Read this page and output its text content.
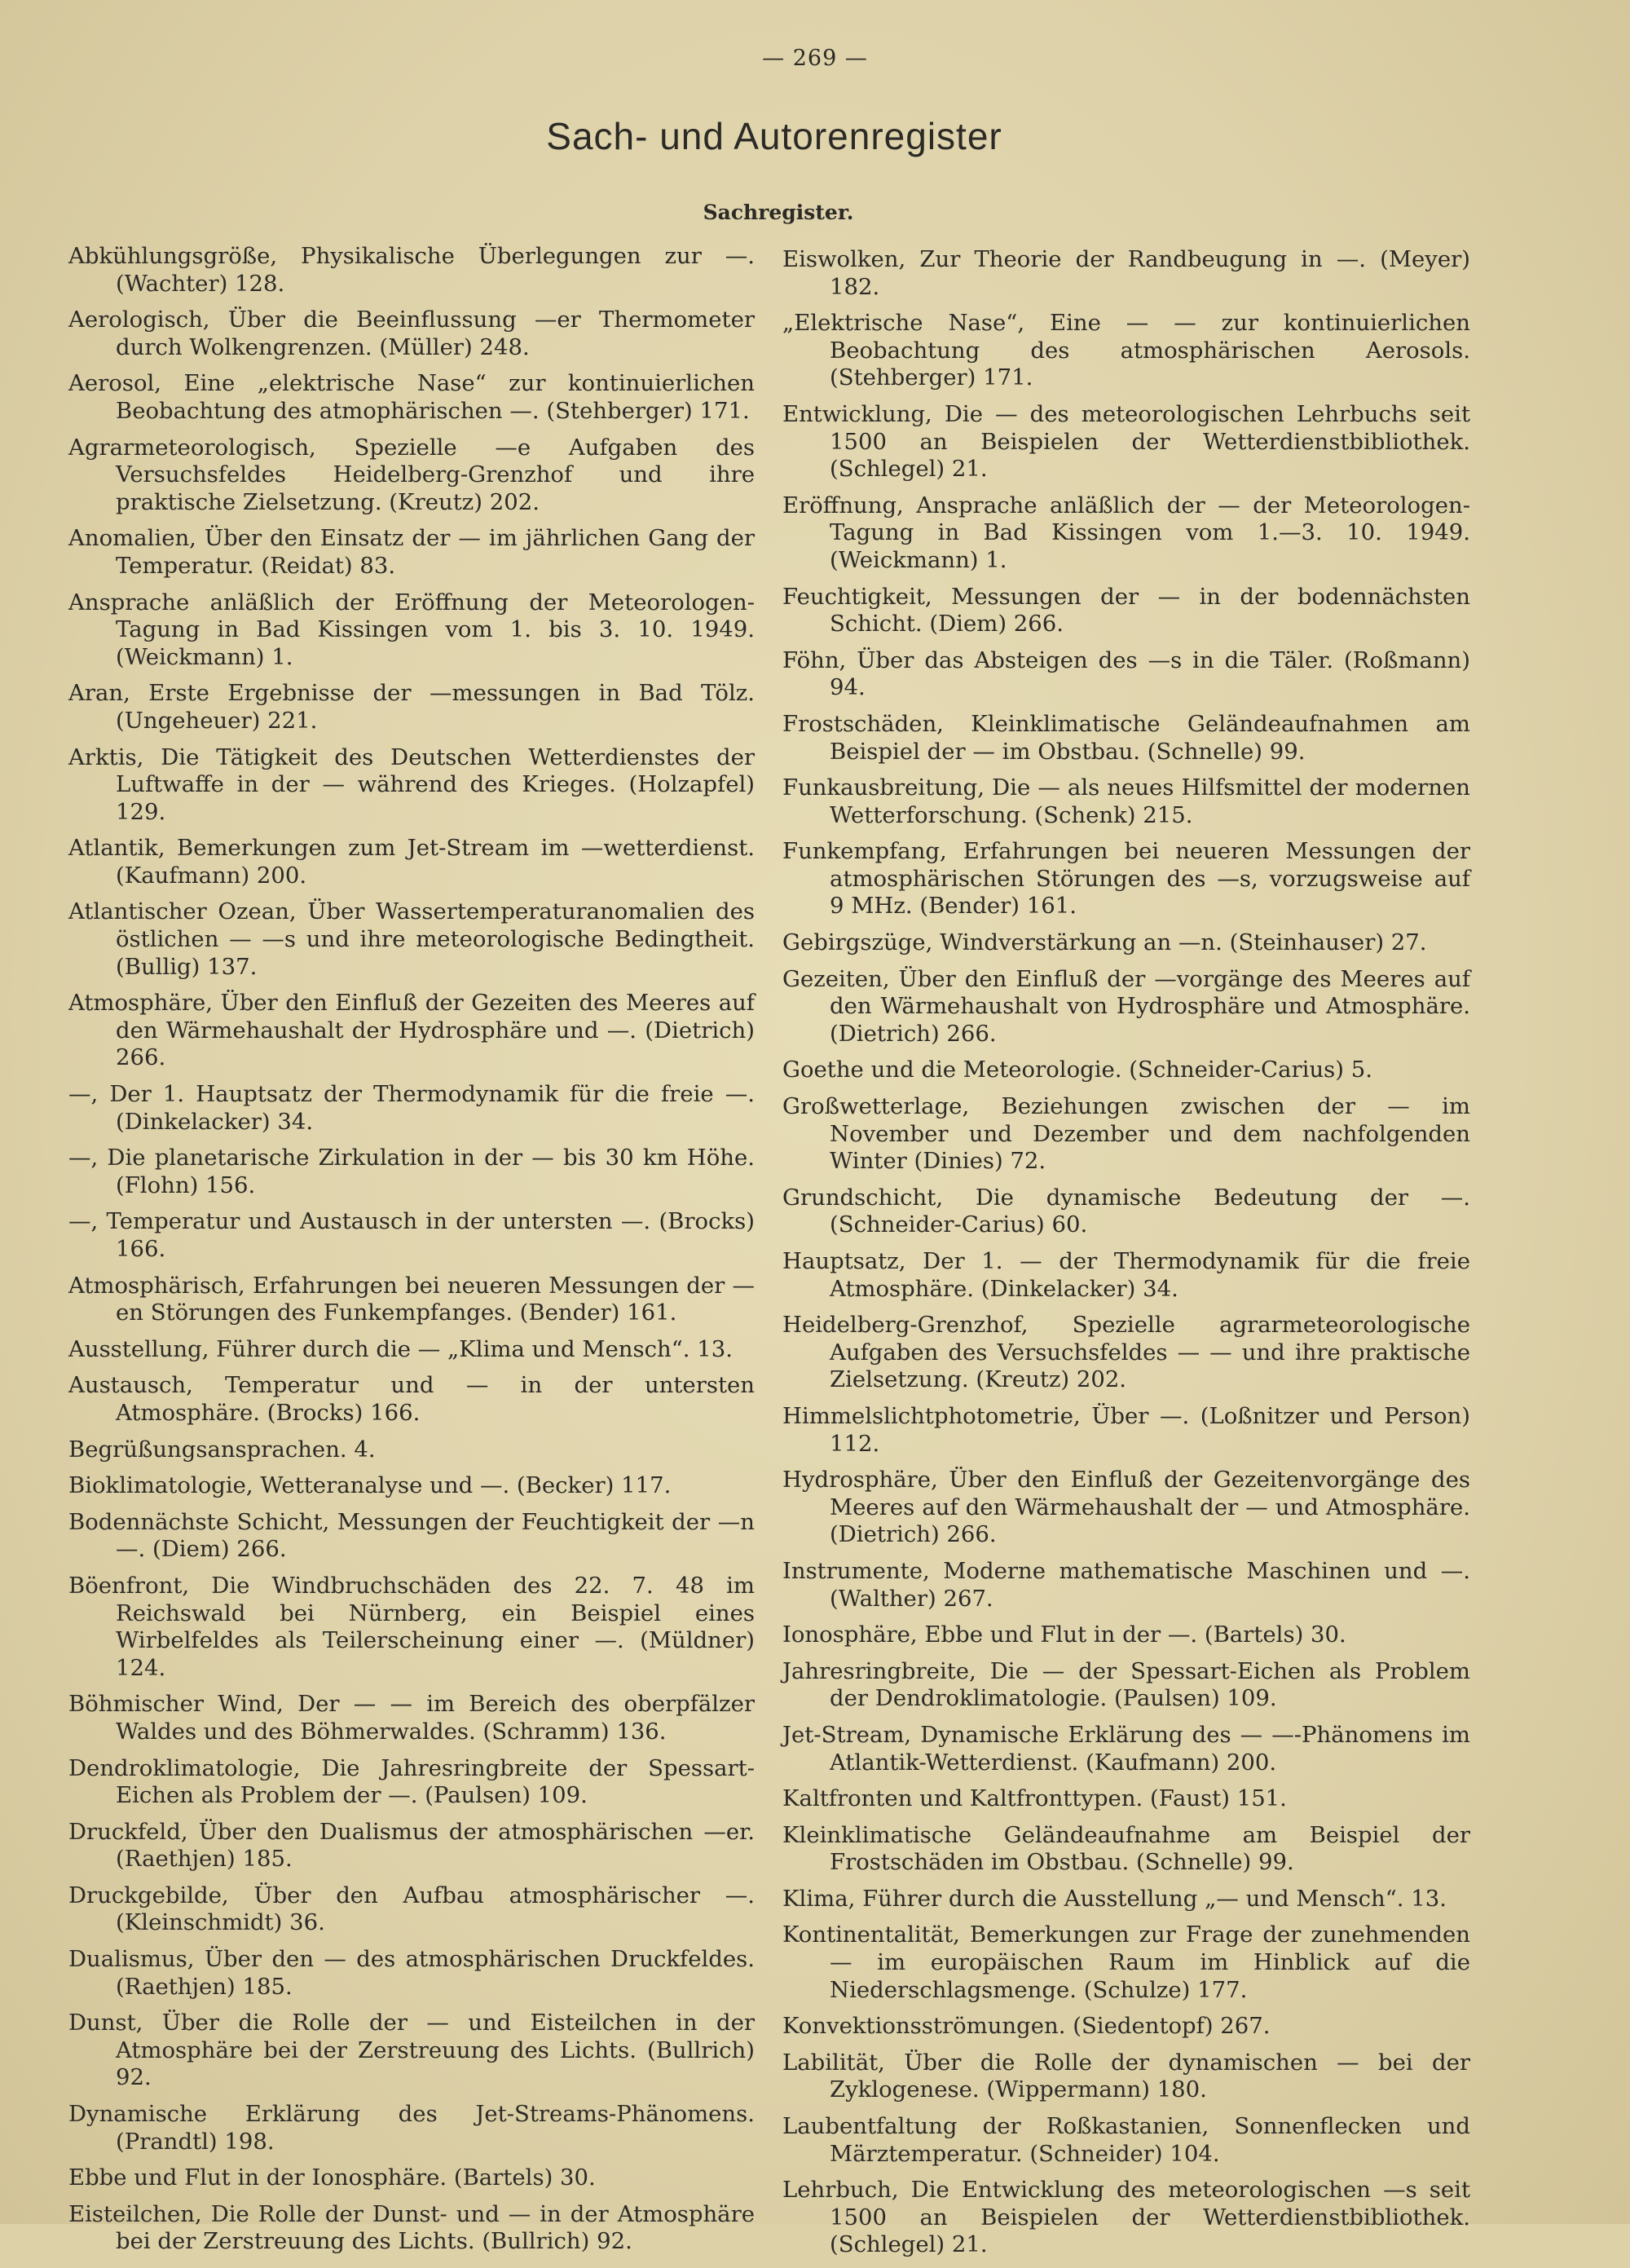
— 269 —
Sach- und Autorenregister
Sachregister.

Abkühlungsgröße, Physikalische Überlegungen zur —. (Wachter) 128.

Aerologisch, Über die Beeinflussung —er Thermometer durch Wolkengrenzen. (Müller) 248.

Aerosol, Eine „elektrische Nase“ zur kontinuierlichen Beobachtung des atmophärischen —. (Stehberger) 171.

Agrarmeteorologisch, Spezielle —e Aufgaben des Versuchsfeldes Heidelberg-Grenzhof und ihre praktische Zielsetzung. (Kreutz) 202.

Anomalien, Über den Einsatz der — im jährlichen Gang der Temperatur. (Reidat) 83.

Ansprache anläßlich der Eröffnung der Meteorologen-Tagung in Bad Kissingen vom 1. bis 3. 10. 1949. (Weickmann) 1.

Aran, Erste Ergebnisse der —messungen in Bad Tölz. (Ungeheuer) 221.

Arktis, Die Tätigkeit des Deutschen Wetterdienstes der Luftwaffe in der — während des Krieges. (Holzapfel) 129.

Atlantik, Bemerkungen zum Jet-Stream im —wetterdienst. (Kaufmann) 200.

Atlantischer Ozean, Über Wassertemperaturanomalien des östlichen — —s und ihre meteorologische Bedingtheit. (Bullig) 137.

Atmosphäre, Über den Einfluß der Gezeiten des Meeres auf den Wärmehaushalt der Hydrosphäre und —. (Dietrich) 266.

—, Der 1. Hauptsatz der Thermodynamik für die freie —. (Dinkelacker) 34.

—, Die planetarische Zirkulation in der — bis 30 km Höhe. (Flohn) 156.

—, Temperatur und Austausch in der untersten —. (Brocks) 166.

Atmosphärisch, Erfahrungen bei neueren Messungen der —en Störungen des Funkempfanges. (Bender) 161.

Ausstellung, Führer durch die — „Klima und Mensch“. 13.

Austausch, Temperatur und — in der untersten Atmosphäre. (Brocks) 166.

Begrüßungsansprachen. 4.

Bioklimatologie, Wetteranalyse und —. (Becker) 117.

Bodennächste Schicht, Messungen der Feuchtigkeit der —n —. (Diem) 266.

Böenfront, Die Windbruchschäden des 22. 7. 48 im Reichswald bei Nürnberg, ein Beispiel eines Wirbelfeldes als Teilerscheinung einer —. (Müldner) 124.

Böhmischer Wind, Der — — im Bereich des oberpfälzer Waldes und des Böhmerwaldes. (Schramm) 136.

Dendroklimatologie, Die Jahresringbreite der Spessart-Eichen als Problem der —. (Paulsen) 109.

Druckfeld, Über den Dualismus der atmosphärischen —er. (Raethjen) 185.

Druckgebilde, Über den Aufbau atmosphärischer —. (Kleinschmidt) 36.

Dualismus, Über den — des atmosphärischen Druckfeldes. (Raethjen) 185.

Dunst, Über die Rolle der — und Eisteilchen in der Atmosphäre bei der Zerstreuung des Lichts. (Bullrich) 92.

Dynamische Erklärung des Jet-Streams-Phänomens. (Prandtl) 198.

Ebbe und Flut in der Ionosphäre. (Bartels) 30.

Eisteilchen, Die Rolle der Dunst- und — in der Atmosphäre bei der Zerstreuung des Lichts. (Bullrich) 92.

Eiswolken, Zur Theorie der Randbeugung in —. (Meyer) 182.

„Elektrische Nase“, Eine — — zur kontinuierlichen Beobachtung des atmosphärischen Aerosols. (Stehberger) 171.

Entwicklung, Die — des meteorologischen Lehrbuchs seit 1500 an Beispielen der Wetterdienstbibliothek. (Schlegel) 21.

Eröffnung, Ansprache anläßlich der — der Meteorologen-Tagung in Bad Kissingen vom 1.—3. 10. 1949. (Weickmann) 1.

Feuchtigkeit, Messungen der — in der bodennächsten Schicht. (Diem) 266.

Föhn, Über das Absteigen des —s in die Täler. (Roßmann) 94.

Frostschäden, Kleinklimatische Geländeaufnahmen am Beispiel der — im Obstbau. (Schnelle) 99.

Funkausbreitung, Die — als neues Hilfsmittel der modernen Wetterforschung. (Schenk) 215.

Funkempfang, Erfahrungen bei neueren Messungen der atmosphärischen Störungen des —s, vorzugsweise auf 9 MHz. (Bender) 161.

Gebirgszüge, Windverstärkung an —n. (Steinhauser) 27.

Gezeiten, Über den Einfluß der —vorgänge des Meeres auf den Wärmehaushalt von Hydrosphäre und Atmosphäre. (Dietrich) 266.

Goethe und die Meteorologie. (Schneider-Carius) 5.

Großwetterlage, Beziehungen zwischen der — im November und Dezember und dem nachfolgenden Winter (Dinies) 72.

Grundschicht, Die dynamische Bedeutung der —. (Schneider-Carius) 60.

Hauptsatz, Der 1. — der Thermodynamik für die freie Atmosphäre. (Dinkelacker) 34.

Heidelberg-Grenzhof, Spezielle agrarmeteorologische Aufgaben des Versuchsfeldes — — und ihre praktische Zielsetzung. (Kreutz) 202.

Himmelslichtphotometrie, Über —. (Loßnitzer und Person) 112.

Hydrosphäre, Über den Einfluß der Gezeitenvorgänge des Meeres auf den Wärmehaushalt der — und Atmosphäre. (Dietrich) 266.

Instrumente, Moderne mathematische Maschinen und —. (Walther) 267.

Ionosphäre, Ebbe und Flut in der —. (Bartels) 30.

Jahresringbreite, Die — der Spessart-Eichen als Problem der Dendroklimatologie. (Paulsen) 109.

Jet-Stream, Dynamische Erklärung des — —-Phänomens im Atlantik-Wetterdienst. (Kaufmann) 200.

Kaltfronten und Kaltfronttypen. (Faust) 151.

Kleinklimatische Geländeaufnahme am Beispiel der Frostschäden im Obstbau. (Schnelle) 99.

Klima, Führer durch die Ausstellung „— und Mensch“. 13.

Kontinentalität, Bemerkungen zur Frage der zunehmenden — im europäischen Raum im Hinblick auf die Niederschlagsmenge. (Schulze) 177.

Konvektionsströmungen. (Siedentopf) 267.

Labilität, Über die Rolle der dynamischen — bei der Zyklogenese. (Wippermann) 180.

Laubentfaltung der Roßkastanien, Sonnenflecken und Märztemperatur. (Schneider) 104.

Lehrbuch, Die Entwicklung des meteorologischen —s seit 1500 an Beispielen der Wetterdienstbibliothek. (Schlegel) 21.
